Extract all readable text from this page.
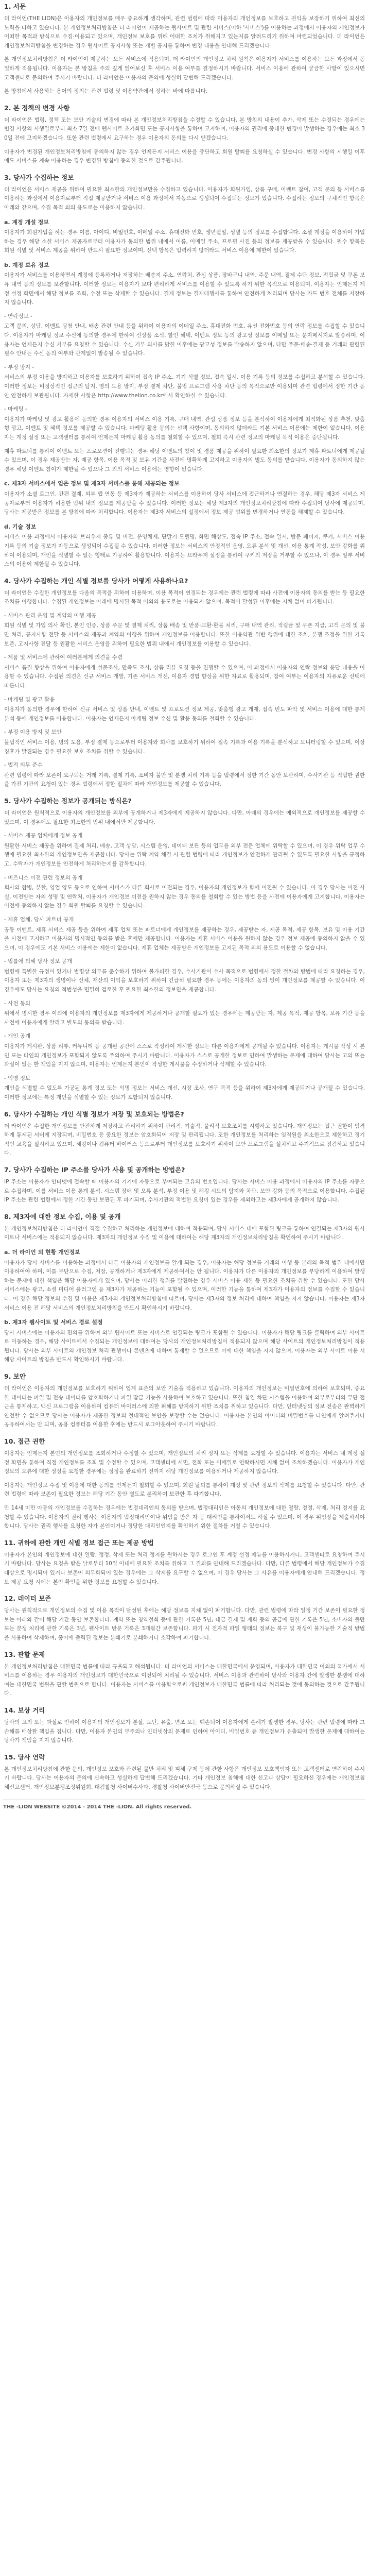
1. 서문
더 라이언(THE LION)은 이용자의 개인정보를 매우 중요하게 생각하며, 관련 법령에 따라 이용자의 개인정보를 보호하고 권익을 보장하기 위하여 최선의 노력을 다하고 있습니다. 본 개인정보처리방침은 더 라이언이 제공하는 웹사이트 및 관련 서비스(이하 '서비스')를 이용하는 과정에서 이용자의 개인정보가 어떠한 목적과 방식으로 수집·이용되고 있으며, 개인정보 보호를 위해 어떠한 조치가 취해지고 있는지를 알려드리기 위하여 마련되었습니다. 더 라이언은 개인정보처리방침을 변경하는 경우 웹사이트 공지사항 또는 개별 공지를 통하여 변경 내용을 안내해 드리겠습니다.
본 개인정보처리방침은 더 라이언이 제공하는 모든 서비스에 적용되며, 더 라이언의 개인정보 처리 원칙은 이용자가 서비스를 이용하는 모든 과정에서 동일하게 적용됩니다. 이용자는 본 방침을 주의 깊게 읽어보신 후 서비스 이용 여부를 결정하시기 바랍니다. 서비스 이용에 관하여 궁금한 사항이 있으시면 고객센터로 문의하여 주시기 바랍니다. 더 라이언은 이용자의 문의에 성실히 답변해 드리겠습니다.
본 방침에서 사용하는 용어의 정의는 관련 법령 및 이용약관에서 정하는 바에 따릅니다.
2. 본 정책의 변경 사항
더 라이언은 법령, 정책 또는 보안 기술의 변경에 따라 본 개인정보처리방침을 수정할 수 있습니다. 본 방침의 내용이 추가, 삭제 또는 수정되는 경우에는 변경 사항의 시행일로부터 최소 7일 전에 웹사이트 초기화면 또는 공지사항을 통하여 고지하며, 이용자의 권리에 중대한 변경이 발생하는 경우에는 최소 30일 전에 고지하겠습니다. 또한 관련 법령에서 요구하는 경우 이용자의 동의를 다시 받겠습니다.
이용자가 변경된 개인정보처리방침에 동의하지 않는 경우 언제든지 서비스 이용을 중단하고 회원 탈퇴를 요청하실 수 있습니다. 변경 사항의 시행일 이후에도 서비스를 계속 이용하는 경우 변경된 방침에 동의한 것으로 간주됩니다.
3. 당사가 수집하는 정보
더 라이언은 서비스 제공을 위하여 필요한 최소한의 개인정보만을 수집하고 있습니다. 이용자가 회원가입, 상품 구매, 이벤트 참여, 고객 문의 등 서비스를 이용하는 과정에서 이용자로부터 직접 제공받거나 서비스 이용 과정에서 자동으로 생성되어 수집되는 정보가 있습니다. 수집하는 정보의 구체적인 항목은 아래와 같으며, 수집 목적 외의 용도로는 이용하지 않습니다.
a. 계정 개설 정보
이용자가 회원가입을 하는 경우 이름, 아이디, 비밀번호, 이메일 주소, 휴대전화 번호, 생년월일, 성별 등의 정보를 수집합니다. 소셜 계정을 이용하여 가입하는 경우 해당 소셜 서비스 제공자로부터 이용자가 동의한 범위 내에서 이름, 이메일 주소, 프로필 사진 등의 정보를 제공받을 수 있습니다. 필수 항목은 회원 식별 및 서비스 제공을 위하여 반드시 필요한 정보이며, 선택 항목은 입력하지 않더라도 서비스 이용에 제한이 없습니다.
b. 계정 보유 정보
이용자가 서비스를 이용하면서 계정에 등록하거나 저장하는 배송지 주소, 연락처, 관심 상품, 장바구니 내역, 주문 내역, 결제 수단 정보, 적립금 및 쿠폰 보유 내역 등의 정보를 보관합니다. 이러한 정보는 이용자가 보다 편리하게 서비스를 이용할 수 있도록 하기 위한 목적으로 이용되며, 이용자는 언제든지 계정 설정 화면에서 해당 정보를 조회, 수정 또는 삭제할 수 있습니다. 결제 정보는 결제대행사를 통하여 안전하게 처리되며 당사는 카드 번호 전체를 저장하지 않습니다.
- 연락정보 -
고객 문의, 상담, 이벤트 당첨 안내, 배송 관련 안내 등을 위하여 이용자의 이메일 주소, 휴대전화 번호, 유선 전화번호 등의 연락 정보를 수집할 수 있습니다. 이용자가 마케팅 정보 수신에 동의한 경우에 한하여 신상품 소식, 할인 혜택, 이벤트 정보 등의 광고성 정보를 이메일 또는 문자메시지로 발송하며, 이용자는 언제든지 수신 거부를 요청할 수 있습니다. 수신 거부 의사를 밝힌 이후에는 광고성 정보를 발송하지 않으며, 다만 주문·배송·결제 등 거래와 관련된 필수 안내는 수신 동의 여부와 관계없이 발송될 수 있습니다.
- 부정 방지 -
서비스의 부정 이용을 방지하고 이용자를 보호하기 위하여 접속 IP 주소, 기기 식별 정보, 접속 일시, 이용 기록 등의 정보를 수집하고 분석할 수 있습니다. 이러한 정보는 비정상적인 접근의 탐지, 명의 도용 방지, 부정 결제 차단, 불법 프로그램 사용 차단 등의 목적으로만 이용되며 관련 법령에서 정한 기간 동안 안전하게 보관됩니다. 자세한 사항은 http://www.thelion.co.kr에서 확인하실 수 있습니다.
- 마케팅 -
이용자가 마케팅 및 광고 활용에 동의한 경우 이용자의 서비스 이용 기록, 구매 내역, 관심 상품 정보 등을 분석하여 이용자에게 최적화된 상품 추천, 맞춤형 광고, 이벤트 및 혜택 정보를 제공할 수 있습니다. 마케팅 활용 동의는 선택 사항이며, 동의하지 않더라도 기본 서비스 이용에는 제한이 없습니다. 이용자는 계정 설정 또는 고객센터를 통하여 언제든지 마케팅 활용 동의를 철회할 수 있으며, 철회 즉시 관련 정보의 마케팅 목적 이용은 중단됩니다.
제휴 파트너를 통하여 이벤트 또는 프로모션이 진행되는 경우 해당 이벤트의 참여 및 경품 제공을 위하여 필요한 최소한의 정보가 제휴 파트너에게 제공될 수 있으며, 이 경우 제공받는 자, 제공 항목, 이용 목적 및 보유 기간을 사전에 명확하게 고지하고 이용자의 별도 동의를 받습니다. 이용자가 동의하지 않는 경우 해당 이벤트 참여가 제한될 수 있으나 그 외의 서비스 이용에는 영향이 없습니다.
c. 제3자 서비스에서 얻은 정보 및 제3자 서비스를 통해 제공되는 정보
이용자가 소셜 로그인, 간편 결제, 외부 앱 연동 등 제3자가 제공하는 서비스를 이용하여 당사 서비스에 접근하거나 연결하는 경우, 해당 제3자 서비스 제공자로부터 이용자가 허용한 범위 내의 정보를 제공받을 수 있습니다. 이러한 정보는 해당 제3자의 개인정보처리방침에 따라 수집되어 당사에 제공되며, 당사는 제공받은 정보를 본 방침에 따라 처리합니다. 이용자는 제3자 서비스의 설정에서 정보 제공 범위를 변경하거나 연동을 해제할 수 있습니다.
d. 기술 정보
서비스 이용 과정에서 이용자의 브라우저 종류 및 버전, 운영체제, 단말기 모델명, 화면 해상도, 접속 IP 주소, 접속 일시, 방문 페이지, 쿠키, 서비스 이용 기록 등의 기술 정보가 자동으로 생성되어 수집될 수 있습니다. 이러한 정보는 서비스의 안정적인 운영, 오류 분석 및 개선, 이용 통계 작성, 보안 강화를 위하여 이용되며, 개인을 식별할 수 없는 형태로 가공하여 활용합니다. 이용자는 브라우저 설정을 통하여 쿠키의 저장을 거부할 수 있으나, 이 경우 일부 서비스의 이용이 제한될 수 있습니다.
4. 당사가 수집하는 개인 식별 정보를 당사가 어떻게 사용하나요?
더 라이언은 수집한 개인정보를 다음의 목적을 위하여 이용하며, 이용 목적이 변경되는 경우에는 관련 법령에 따라 사전에 이용자의 동의를 받는 등 필요한 조치를 이행합니다. 수집된 개인정보는 아래에 명시된 목적 이외의 용도로는 이용되지 않으며, 목적이 달성된 이후에는 지체 없이 파기됩니다.
- 서비스 관리 운영 및 계약의 이행 제공
회원 식별 및 가입 의사 확인, 본인 인증, 상품 주문 및 결제 처리, 상품 배송 및 반품·교환·환불 처리, 구매 내역 관리, 적립금 및 쿠폰 지급, 고객 문의 및 불만 처리, 공지사항 전달 등 서비스의 제공과 계약의 이행을 위하여 개인정보를 이용합니다. 또한 이용약관 위반 행위에 대한 조치, 분쟁 조정을 위한 기록 보존, 고지사항 전달 등 원활한 서비스 운영을 위하여 필요한 범위 내에서 개인정보를 이용할 수 있습니다.
- 제품 및 서비스에 관하여 여러분에게 의견을 수렴
서비스 품질 향상을 위하여 이용자에게 설문조사, 만족도 조사, 상품 리뷰 요청 등을 진행할 수 있으며, 이 과정에서 이용자의 연락 정보와 응답 내용을 이용할 수 있습니다. 수집된 의견은 신규 서비스 개발, 기존 서비스 개선, 이용자 경험 향상을 위한 자료로 활용되며, 참여 여부는 이용자의 자유로운 선택에 따릅니다.
- 마케팅 및 광고 활용
이용자가 동의한 경우에 한하여 신규 서비스 및 상품 안내, 이벤트 및 프로모션 정보 제공, 맞춤형 광고 게재, 접속 빈도 파악 및 서비스 이용에 대한 통계 분석 등에 개인정보를 이용합니다. 이용자는 언제든지 마케팅 정보 수신 및 활용 동의를 철회할 수 있습니다.
- 부정 이용 방지 및 보안
불법적인 서비스 이용, 명의 도용, 부정 결제 등으로부터 이용자와 회사를 보호하기 위하여 접속 기록과 이용 기록을 분석하고 모니터링할 수 있으며, 이상 징후가 발견되는 경우 필요한 보호 조치를 취할 수 있습니다.
- 법적 의무 준수
관련 법령에 따라 보존이 요구되는 거래 기록, 결제 기록, 소비자 불만 및 분쟁 처리 기록 등을 법령에서 정한 기간 동안 보관하며, 수사기관 등 적법한 권한을 가진 기관의 요청이 있는 경우 법령에서 정한 절차에 따라 개인정보를 제공할 수 있습니다.
5. 당사가 수집하는 정보가 공개되는 방식은?
더 라이언은 원칙적으로 이용자의 개인정보를 외부에 공개하거나 제3자에게 제공하지 않습니다. 다만, 아래의 경우에는 예외적으로 개인정보를 제공할 수 있으며, 이 경우에도 필요한 최소한의 범위 내에서만 제공합니다.
- 서비스 제공 업체에게 정보 공개
원활한 서비스 제공을 위하여 결제 처리, 배송, 고객 상담, 시스템 운영, 데이터 보관 등의 업무를 외부 전문 업체에 위탁할 수 있으며, 이 경우 위탁 업무 수행에 필요한 최소한의 개인정보만을 제공합니다. 당사는 위탁 계약 체결 시 관련 법령에 따라 개인정보가 안전하게 관리될 수 있도록 필요한 사항을 규정하고, 수탁자가 개인정보를 안전하게 처리하는지를 감독합니다.
- 비즈니스 이전 관련 정보의 공개
회사의 합병, 분할, 영업 양도 등으로 인하여 서비스가 다른 회사로 이전되는 경우, 이용자의 개인정보가 함께 이전될 수 있습니다. 이 경우 당사는 이전 사실, 이전받는 자의 성명 및 연락처, 이용자가 개인정보 이전을 원하지 않는 경우 동의를 철회할 수 있는 방법 등을 사전에 이용자에게 고지합니다. 이용자는 이전에 동의하지 않는 경우 회원 탈퇴를 요청할 수 있습니다.
- 제휴 업체, 당사 파트너 공개
공동 이벤트, 제휴 서비스 제공 등을 위하여 제휴 업체 또는 파트너에게 개인정보를 제공하는 경우, 제공받는 자, 제공 목적, 제공 항목, 보유 및 이용 기간을 사전에 고지하고 이용자의 명시적인 동의를 받은 후에만 제공합니다. 이용자는 제휴 서비스 이용을 원하지 않는 경우 정보 제공에 동의하지 않을 수 있으며, 이 경우에도 기본 서비스 이용에는 제한이 없습니다. 제휴 업체는 제공받은 개인정보를 고지된 목적 외의 용도로 이용할 수 없습니다.
- 법률에 의해 당사 정보 공개
법령에 특별한 규정이 있거나 법령상 의무를 준수하기 위하여 불가피한 경우, 수사기관이 수사 목적으로 법령에서 정한 절차와 방법에 따라 요청하는 경우, 이용자 또는 제3자의 생명이나 신체, 재산의 이익을 보호하기 위하여 긴급히 필요한 경우 등에는 이용자의 동의 없이 개인정보를 제공할 수 있습니다. 이 경우에도 당사는 요청의 적법성을 면밀히 검토한 후 필요한 최소한의 정보만을 제공합니다.
- 사전 동의
위에서 명시한 경우 이외에 이용자의 개인정보를 제3자에게 제공하거나 공개할 필요가 있는 경우에는 제공받는 자, 제공 목적, 제공 항목, 보유 기간 등을 사전에 이용자에게 알리고 별도의 동의를 받습니다.
- 개인 공개
이용자가 게시판, 상품 리뷰, 커뮤니티 등 공개된 공간에 스스로 작성하여 게시한 정보는 다른 이용자에게 공개될 수 있습니다. 이용자는 게시물 작성 시 본인 또는 타인의 개인정보가 포함되지 않도록 주의하여 주시기 바랍니다. 이용자가 스스로 공개한 정보로 인하여 발생하는 문제에 대하여 당사는 고의 또는 과실이 없는 한 책임을 지지 않으며, 이용자는 언제든지 본인이 작성한 게시물을 수정하거나 삭제할 수 있습니다.
- 익명 정보
개인을 식별할 수 없도록 가공된 통계 정보 또는 익명 정보는 서비스 개선, 시장 조사, 연구 목적 등을 위하여 제3자에게 제공되거나 공개될 수 있습니다. 이러한 정보에는 특정 개인을 식별할 수 있는 정보가 포함되지 않습니다.
6. 당사가 수집하는 개인 식별 정보가 저장 및 보호되는 방법은?
더 라이언은 수집한 개인정보를 안전하게 저장하고 관리하기 위하여 관리적, 기술적, 물리적 보호조치를 시행하고 있습니다. 개인정보는 접근 권한이 엄격하게 통제된 서버에 저장되며, 비밀번호 등 중요한 정보는 암호화되어 저장 및 관리됩니다. 또한 개인정보를 처리하는 임직원을 최소한으로 제한하고 정기적인 교육을 실시하고 있으며, 해킹이나 컴퓨터 바이러스 등으로부터 개인정보를 보호하기 위하여 보안 프로그램을 설치하고 주기적으로 점검하고 있습니다.
7. 당사가 수집하는 IP 주소를 당사가 사용 및 공개하는 방법은?
IP 주소는 이용자가 인터넷에 접속할 때 이용자의 기기에 자동으로 부여되는 고유의 번호입니다. 당사는 서비스 이용 과정에서 이용자의 IP 주소를 자동으로 수집하며, 이를 서비스 이용 통계 분석, 시스템 장애 및 오류 분석, 부정 이용 및 해킹 시도의 탐지와 차단, 보안 강화 등의 목적으로 이용합니다. 수집된 IP 주소는 관련 법령에서 정한 기간 동안 보관된 후 파기되며, 수사기관의 적법한 요청이 있는 경우를 제외하고는 제3자에게 공개하지 않습니다.
8. 제3자에 대한 정보 수집, 이용 및 공개
본 개인정보처리방침은 더 라이언이 직접 수집하고 처리하는 개인정보에 대하여 적용되며, 당사 서비스 내에 포함된 링크를 통하여 연결되는 제3자의 웹사이트나 서비스에는 적용되지 않습니다. 제3자의 개인정보 수집 및 이용에 대하여는 해당 제3자의 개인정보처리방침을 확인하여 주시기 바랍니다.
a. 더 라이언 외 현황 개인정보
이용자가 당사 서비스를 이용하는 과정에서 다른 이용자의 개인정보를 알게 되는 경우, 이용자는 해당 정보를 거래의 이행 등 본래의 목적 범위 내에서만 이용하여야 하며, 이를 무단으로 수집, 저장, 공개하거나 제3자에게 제공하여서는 안 됩니다. 이용자가 다른 이용자의 개인정보를 부당하게 이용하여 발생하는 문제에 대한 책임은 해당 이용자에게 있으며, 당사는 이러한 행위를 발견하는 경우 서비스 이용 제한 등 필요한 조치를 취할 수 있습니다. 또한 당사 서비스에는 광고, 소셜 미디어 플러그인 등 제3자가 제공하는 기능이 포함될 수 있으며, 이러한 기능을 통하여 제3자가 이용자의 정보를 수집할 수 있습니다. 이 경우 해당 정보의 수집 및 이용은 제3자의 개인정보처리방침에 따르며, 당사는 제3자의 정보 처리에 대하여 책임을 지지 않습니다. 이용자는 제3자 서비스 이용 전 해당 서비스의 개인정보처리방침을 반드시 확인하시기 바랍니다.
b. 제3자 웹사이트 및 서비스 경로 설정
당사 서비스에는 이용자의 편의를 위하여 외부 웹사이트 또는 서비스로 연결되는 링크가 포함될 수 있습니다. 이용자가 해당 링크를 클릭하여 외부 사이트로 이동하는 경우, 해당 사이트에서 수집되는 개인정보에 대하여는 당사의 개인정보처리방침이 적용되지 않으며 해당 사이트의 개인정보처리방침이 적용됩니다. 당사는 외부 사이트의 개인정보 처리 관행이나 콘텐츠에 대하여 통제할 수 없으므로 이에 대한 책임을 지지 않으며, 이용자는 외부 사이트 이용 시 해당 사이트의 방침을 반드시 확인하시기 바랍니다.
9. 보안
더 라이언은 이용자의 개인정보를 보호하기 위하여 업계 표준의 보안 기술을 적용하고 있습니다. 이용자의 개인정보는 비밀번호에 의하여 보호되며, 중요한 데이터는 파일 및 전송 데이터를 암호화하거나 파일 잠금 기능을 사용하여 보호하고 있습니다. 또한 침입 차단 시스템을 이용하여 외부로부터의 무단 접근을 통제하고, 백신 프로그램을 이용하여 컴퓨터 바이러스에 의한 피해를 방지하기 위한 조치를 취하고 있습니다. 다만, 인터넷상의 정보 전송은 완벽하게 안전할 수 없으므로 당사는 이용자가 제공한 정보의 절대적인 보안을 보장할 수는 없습니다. 이용자는 본인의 아이디와 비밀번호를 타인에게 알려주거나 공유하여서는 안 되며, 공용 컴퓨터를 이용한 후에는 반드시 로그아웃하여 주시기 바랍니다.
10. 접근 권한
이용자는 언제든지 본인의 개인정보를 조회하거나 수정할 수 있으며, 개인정보의 처리 정지 또는 삭제를 요청할 수 있습니다. 이용자는 서비스 내 계정 설정 화면을 통하여 직접 개인정보를 조회 및 수정할 수 있으며, 고객센터에 서면, 전화 또는 이메일로 연락하시면 지체 없이 조치하겠습니다. 이용자가 개인정보의 오류에 대한 정정을 요청한 경우에는 정정을 완료하기 전까지 해당 개인정보를 이용하거나 제공하지 않습니다.
이용자는 개인정보 수집 및 이용에 대한 동의를 언제든지 철회할 수 있으며, 회원 탈퇴를 통하여 계정 및 관련 정보의 삭제를 요청할 수 있습니다. 다만, 관련 법령에 따라 보존이 필요한 정보는 해당 기간 동안 별도로 분리하여 보관한 후 파기합니다.
만 14세 미만 아동의 개인정보를 수집하는 경우에는 법정대리인의 동의를 받으며, 법정대리인은 아동의 개인정보에 대한 열람, 정정, 삭제, 처리 정지를 요청할 수 있습니다. 이용자의 권리 행사는 이용자의 법정대리인이나 위임을 받은 자 등 대리인을 통하여서도 하실 수 있으며, 이 경우 위임장을 제출하셔야 합니다. 당사는 권리 행사를 요청한 자가 본인이거나 정당한 대리인인지를 확인하기 위한 절차를 거칠 수 있습니다.
11. 귀하에 관한 개인 식별 정보 접근 또는 제공 방법
이용자가 본인의 개인정보에 대한 열람, 정정, 삭제 또는 처리 정지를 원하시는 경우 로그인 후 계정 설정 메뉴를 이용하시거나, 고객센터로 요청하여 주시기 바랍니다. 당사는 요청을 받은 날로부터 10일 이내에 필요한 조치를 취하고 그 결과를 안내해 드리겠습니다. 다만, 다른 법령에서 해당 개인정보가 수집 대상으로 명시되어 있거나 보존이 의무화되어 있는 경우에는 그 삭제를 요구할 수 없으며, 이 경우 당사는 그 사유를 이용자에게 안내해 드리겠습니다. 정보 제공 요청 시에는 본인 확인을 위한 정보를 요청할 수 있습니다.
12. 데이터 보존
당사는 원칙적으로 개인정보의 수집 및 이용 목적이 달성된 후에는 해당 정보를 지체 없이 파기합니다. 다만, 관련 법령에 따라 일정 기간 보존이 필요한 정보는 아래와 같이 해당 기간 동안 보존합니다. 계약 또는 청약철회 등에 관한 기록은 5년, 대금 결제 및 재화 등의 공급에 관한 기록은 5년, 소비자의 불만 또는 분쟁 처리에 관한 기록은 3년, 웹사이트 방문 기록은 3개월간 보존합니다. 파기 시 전자적 파일 형태의 정보는 복구 및 재생이 불가능한 기술적 방법을 사용하여 삭제하며, 종이에 출력된 정보는 분쇄기로 분쇄하거나 소각하여 파기합니다.
13. 관할 문제
본 개인정보처리방침은 대한민국 법률에 따라 규율되고 해석됩니다. 더 라이언의 서비스는 대한민국에서 운영되며, 이용자가 대한민국 이외의 국가에서 서비스를 이용하는 경우 이용자의 개인정보가 대한민국으로 이전되어 처리될 수 있습니다. 서비스 이용과 관련하여 당사와 이용자 간에 발생한 분쟁에 대하여는 대한민국 법원을 관할 법원으로 합니다. 이용자는 서비스를 이용함으로써 개인정보가 대한민국 법률에 따라 처리되는 것에 동의하는 것으로 간주됩니다.
14. 보상 거리
당사의 고의 또는 과실로 인하여 이용자의 개인정보가 분실, 도난, 유출, 변조 또는 훼손되어 이용자에게 손해가 발생한 경우, 당사는 관련 법령에 따라 그 손해를 배상할 책임을 집니다. 다만, 이용자 본인의 부주의나 인터넷상의 문제로 인하여 아이디, 비밀번호 등 개인정보가 유출되어 발생한 문제에 대하여는 당사가 책임을 지지 않습니다.
15. 당사 연락
본 개인정보처리방침에 관한 문의, 개인정보 보호와 관련된 불만 처리 및 피해 구제 등에 관한 사항은 개인정보 보호책임자 또는 고객센터로 연락하여 주시기 바랍니다. 당사는 이용자의 문의에 신속하고 성실하게 답변해 드리겠습니다. 기타 개인정보 침해에 대한 신고나 상담이 필요하신 경우에는 개인정보침해신고센터, 개인정보분쟁조정위원회, 대검찰청 사이버수사과, 경찰청 사이버안전국 등으로 문의하실 수 있습니다.
THE -LION WEBSITE ©2014 - 2014 THE -LION. All rights reserved.
